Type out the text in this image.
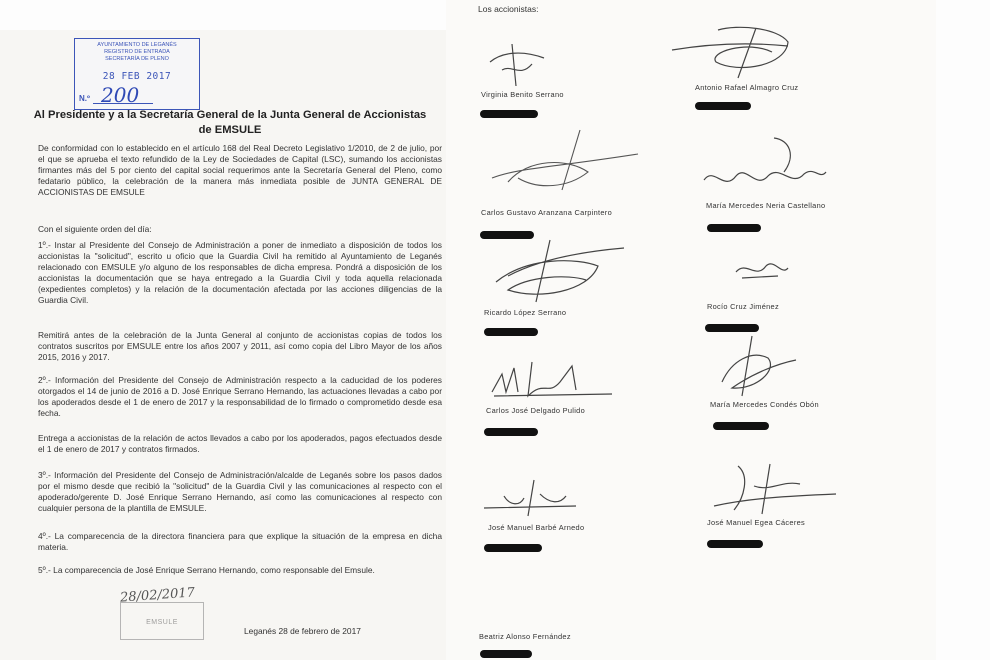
AYUNTAMIENTO DE LEGANÉS
REGISTRO DE ENTRADA
SECRETARÍA DE PLENO
28 FEB 2017
N.º 200
Al Presidente y a la Secretaría General de la Junta General de Accionistas de EMSULE
De conformidad con lo establecido en el artículo 168 del Real Decreto Legislativo 1/2010, de 2 de julio, por el que se aprueba el texto refundido de la Ley de Sociedades de Capital (LSC), sumando los accionistas firmantes más del 5 por ciento del capital social requerimos ante la Secretaría General del Pleno, como fedatario público, la celebración de la manera más inmediata posible de JUNTA GENERAL DE ACCIONISTAS DE EMSULE
Con el siguiente orden del día:
1º.- Instar al Presidente del Consejo de Administración a poner de inmediato a disposición de todos los accionistas la "solicitud", escrito u oficio que la Guardia Civil ha remitido al Ayuntamiento de Leganés relacionado con EMSULE y/o alguno de los responsables de dicha empresa. Pondrá a disposición de los accionistas la documentación que se haya entregado a la Guardia Civil y toda aquella relacionada (expedientes completos) y la relación de la documentación afectada por las acciones diligencias de la Guardia Civil.
Remitirá antes de la celebración de la Junta General al conjunto de accionistas copias de todos los contratos suscritos por EMSULE entre los años 2007 y 2011, así como copia del Libro Mayor de los años 2015, 2016 y 2017.
2º.- Información del Presidente del Consejo de Administración respecto a la caducidad de los poderes otorgados el 14 de junio de 2016 a D. José Enrique Serrano Hernando, las actuaciones llevadas a cabo por los apoderados desde el 1 de enero de 2017 y la responsabilidad de lo firmado o comprometido desde esa fecha.
Entrega a accionistas de la relación de actos llevados a cabo por los apoderados, pagos efectuados desde el 1 de enero de 2017 y contratos firmados.
3º.- Información del Presidente del Consejo de Administración/alcalde de Leganés sobre los pasos dados por el mismo desde que recibió la "solicitud" de la Guardia Civil y las comunicaciones al respecto con el apoderado/gerente D. José Enrique Serrano Hernando, así como las comunicaciones al respecto con cualquier persona de la plantilla de EMSULE.
4º.- La comparecencia de la directora financiera para que explique la situación de la empresa en dicha materia.
5º.- La comparecencia de José Enrique Serrano Hernando, como responsable del Emsule.
28/02/2017
EMSULE
Leganés 28 de febrero de 2017
Los accionistas:
Virginia Benito Serrano
Antonio Rafael Almagro Cruz
Carlos Gustavo Aranzana Carpintero
María Mercedes Neria Castellano
Ricardo López Serrano
Rocío Cruz Jiménez
Carlos José Delgado Pulido
María Mercedes Condés Obón
José Manuel Barbé Arnedo
José Manuel Egea Cáceres
Beatriz Alonso Fernández
